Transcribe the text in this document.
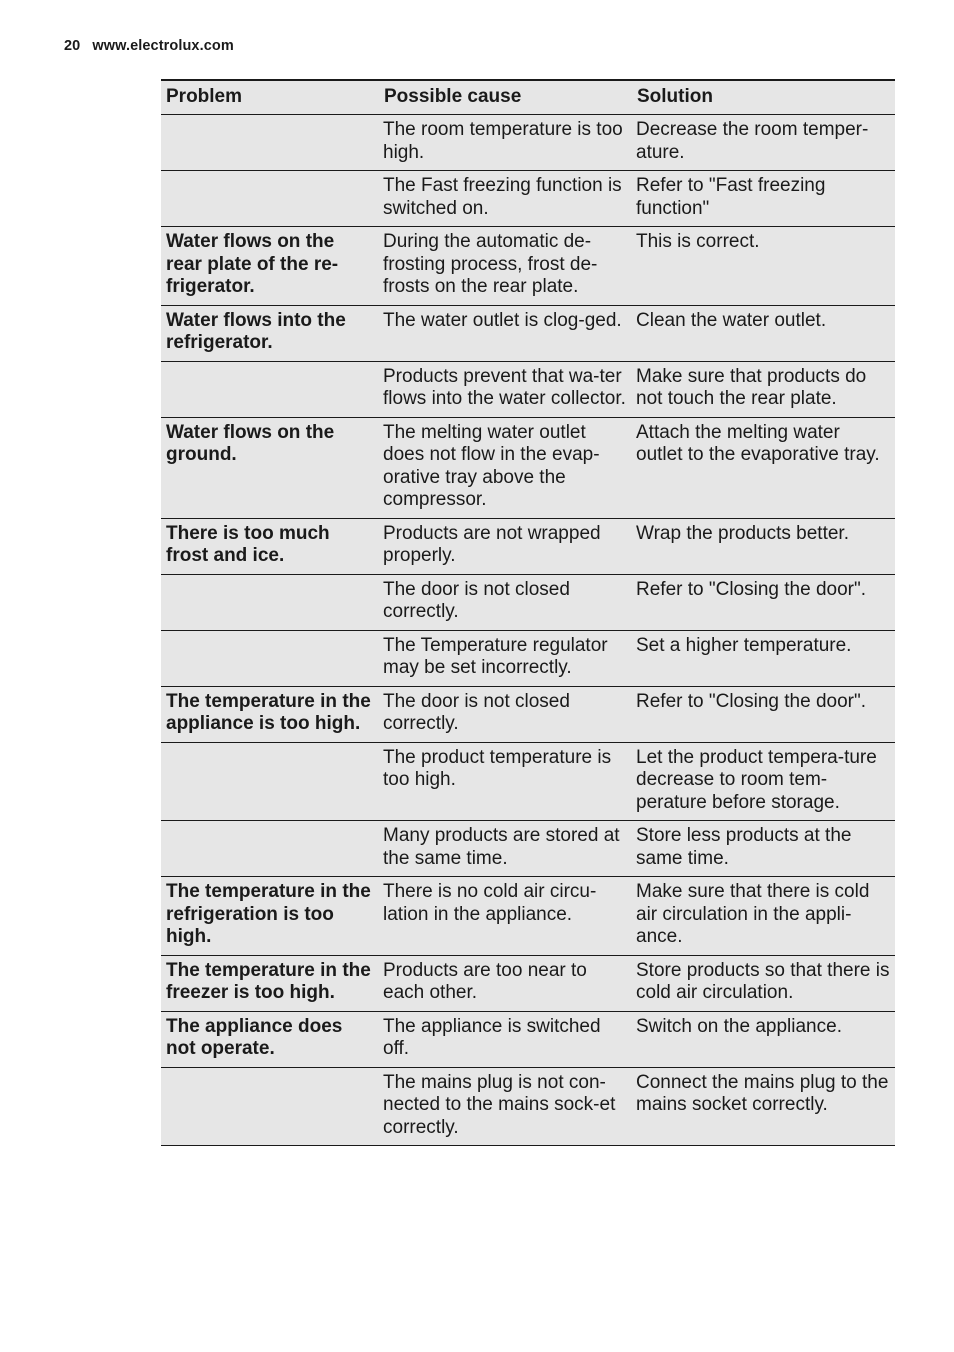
20 www.electrolux.com
Problem	Possible cause	Solution
	The room temperature is too high.	Decrease the room temper-ature.
	The Fast freezing function is switched on.	Refer to "Fast freezing function"
Water flows on the rear plate of the re-frigerator.	During the automatic de-frosting process, frost de-frosts on the rear plate.	This is correct.
Water flows into the refrigerator.	The water outlet is clog-ged.	Clean the water outlet.
	Products prevent that wa-ter flows into the water collector.	Make sure that products do not touch the rear plate.
Water flows on the ground.	The melting water outlet does not flow in the evap-orative tray above the compressor.	Attach the melting water outlet to the evaporative tray.
There is too much frost and ice.	Products are not wrapped properly.	Wrap the products better.
	The door is not closed correctly.	Refer to "Closing the door".
	The Temperature regulator may be set incorrectly.	Set a higher temperature.
The temperature in the appliance is too high.	The door is not closed correctly.	Refer to "Closing the door".
	The product temperature is too high.	Let the product tempera-ture decrease to room tem-perature before storage.
	Many products are stored at the same time.	Store less products at the same time.
The temperature in the refrigeration is too high.	There is no cold air circu-lation in the appliance.	Make sure that there is cold air circulation in the appli-ance.
The temperature in the freezer is too high.	Products are too near to each other.	Store products so that there is cold air circulation.
The appliance does not operate.	The appliance is switched off.	Switch on the appliance.
	The mains plug is not con-nected to the mains sock-et correctly.	Connect the mains plug to the mains socket correctly.
